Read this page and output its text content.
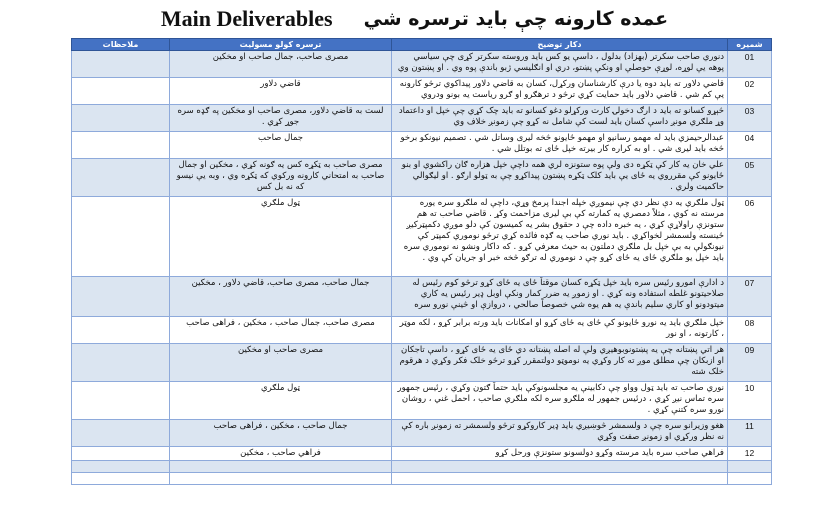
Main Deliverables عمده کارونه چې باید ترسره شي
شمیره	دکار توضیح	ترسره کولو مسولیت	ملاحظات
01	دنوري صاحب سکرتر (بهزاد) بدلول ، داسې یو کس باید وروسته سکرتر کړی چې سیاسي پوهه یې لوړه، لوړې حوصلې او ونکې پښتو، دري او انګلیسي ژبو باندې پوه وي . او پښتون وي	مصری صاحب، جمال صاحب او مخکین	
02	قاضي دلاور ته باید دوه یا درې کارشناسان ورکړل، کسان به قاضي دلاور پیداکوي ترڅو کارونه یې کم شي . قاضي دلاور باید حمایت کړي ترڅو د ترهګرو او ګرو ریاست یه بونو ودروي	قاضي دلاور	
03	څېړو کسانو ته باید د ارګ دخولۍ کارت ورکړلو دغو کسانو ته باید چک کړي چې خپل او داعتماد وړ ملګري مونږ داسې کسان باید لست کې شامل نه کړو چې زمونږ خلاف وي	لست به قاضي دلاور، مصری صاحب او مخکین په ګډه سره جوړ کړي .	
04	عبدالرحیمزي باید له مهمو رسانیو او مهمو ځایونو څخه لیری وساتل شي . تصمیم نیونکو برخو څخه باید لیری شي . او به کراره کار بیرته خپل ځای ته بوتلل شي .	جمال صاحب	
05	علي خان یه کار کې ټکړه دی ولې پوه ستونزه لري همه داچې خپل هزاره ګان راکشوي او بنو ځایونو کې مقرروي یه ځای یې باید کلک ټکړه پښتون پیداکړو چې به ټولو ارګو . او لیګوالي حاکمیت ولري .	مصری صاحب به ټکړه کس یه ګونه کړي ، مخکین او جمال صاحب به امتحاني کارونه ورکوي که ټکړه وي ، وبه یې نیسو که نه بل کس	
06	ټول ملګري یه دې نظر دي چې نیموږي خپله اجندا پرمخ وړي، داچې له ملګرو سره یوره مرسته نه کوي ، مثلاً دمصري یه کمارته کې بې لیری مزاحمت وکړ . قاضي صاحب ته هم ستونزې راولاړې کړي ، یه خبره داده چې د حقوق بشر یه کمیسون کې دلو موږي دکمپټرکیږ ځینسته ولسمشر لخواکړي . باید نوري صاحب یه ګډه فائده کړي ترڅو نوموري کمپټر کې نیونګولې به بې خپل بل ملګري دملتون به حیث معرفي کړو . که داکار ونشو نه نوموري سره باید خپل یو ملګري ځای یه ځای کړو چې د نوموري له ترګو څخه خبر او جریان کې وي .	ټول ملګري	
07	د ادارې امورو رئیس سره باید خپل ټکړه کسان موقتاً ځای یه ځای کړو ترڅو کوم رئیس له صلاحیتونو غلطه استفاده ونه کړي . او زموږ یه ضرر کمار ونکې اوبل ډیر رئیس یه کاري میتودونو او کاري سلیم باندې یه هم یوه شي خصوصاً صالحي ، دروازې او څینې نورو سره	جمال صاحب، مصری صاحب، قاضي دلاور ، مخکین	
08	خپل ملګري باید یه نورو ځایونو کې ځای یه ځای کړو او امکانات باید ورته برابر کړو ، لکه موټر ، کارتونه ، او نور	مصری صاحب، جمال صاحب ، مخکین ، فراهی صاحب	
09	هر اتي پښتانه چې یه پښتونوبوهیږي ولې له اصله پښتانه دي ځای یه ځای کړو ، داسې تاجکان او ازبکان چې مطلق موږ ته کار وکړي یه نوموټو دولتمقرر کړو ترڅو خلک فکر وکړي د هرقوم خلک شته	مصری صاحب او مخکین	
10	نوري صاحب ته باید ټول وواو چې دکابینې یه مجلسونوکې باید حتماً ګتون وکړي ، رئیس جمهور سره تماس نیږ کړي ، درئیس جمهور له ملګرو سره لکه ملګري صاحب ، احمل غني ، روشان نورو سره کتنې کړي .	ټول ملګري	
11	هغو وزیرانو سره چې د ولسمشر څوښیږي باید ډیر کاروکړو ترڅو ولسمشر ته زمونږ باره کې نه نظر ورکړي او زمونږ صفت وکړي	جمال صاحب ، مخکین ، فراهی صاحب	
12	فراهي صاحب سره باید مرسته وکړو دولسونو ستونزې ورحل کړو	فراهي صاحب ، مخکین	
